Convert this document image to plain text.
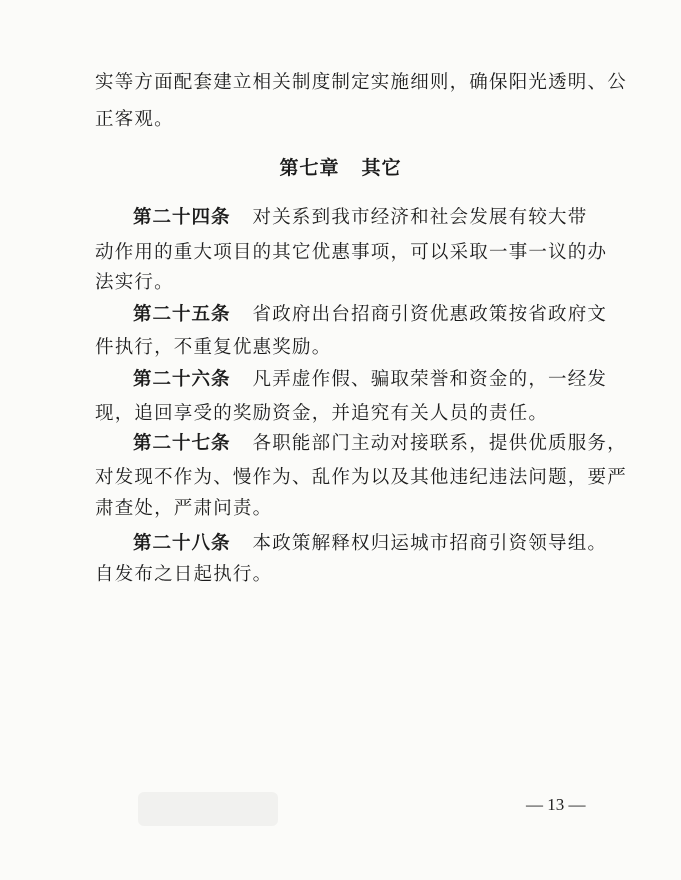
实等方面配套建立相关制度制定实施细则，确保阳光透明、公
正客观。
第七章 其它
第二十四条 对关系到我市经济和社会发展有较大带
动作用的重大项目的其它优惠事项，可以采取一事一议的办
法实行。
第二十五条 省政府出台招商引资优惠政策按省政府文
件执行，不重复优惠奖励。
第二十六条 凡弄虚作假、骗取荣誉和资金的，一经发
现，追回享受的奖励资金，并追究有关人员的责任。
第二十七条 各职能部门主动对接联系，提供优质服务，
对发现不作为、慢作为、乱作为以及其他违纪违法问题，要严
肃查处，严肃问责。
第二十八条 本政策解释权归运城市招商引资领导组。
自发布之日起执行。
— 13 —
